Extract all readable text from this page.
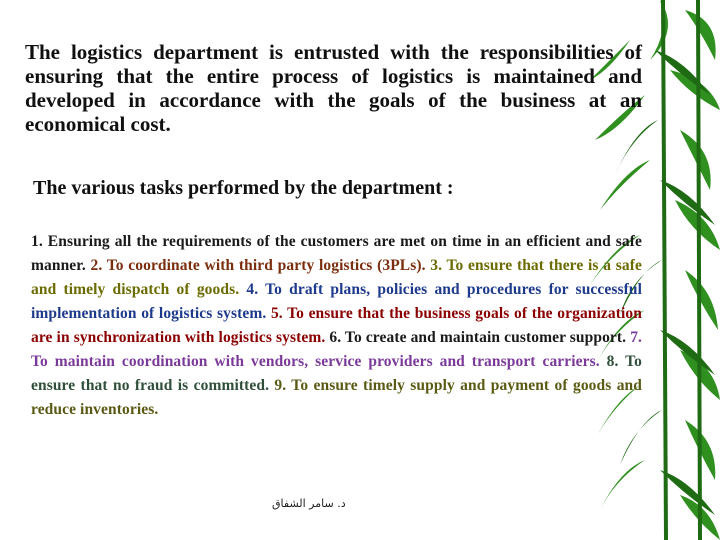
The logistics department is entrusted with the responsibilities of ensuring that the entire process of logistics is maintained and developed in accordance with the goals of the business at an economical cost.

The various tasks performed by the department :

1. Ensuring all the requirements of the customers are met on time in an efficient and safe manner. 2. To coordinate with third party logistics (3PLs). 3. To ensure that there is a safe and timely dispatch of goods. 4. To draft plans, policies and procedures for successful implementation of logistics system. 5. To ensure that the business goals of the organization are in synchronization with logistics system. 6. To create and maintain customer support. 7. To maintain coordination with vendors, service providers and transport carriers. 8. To ensure that no fraud is committed. 9. To ensure timely supply and payment of goods and reduce inventories.

د. سامر الشفاق
